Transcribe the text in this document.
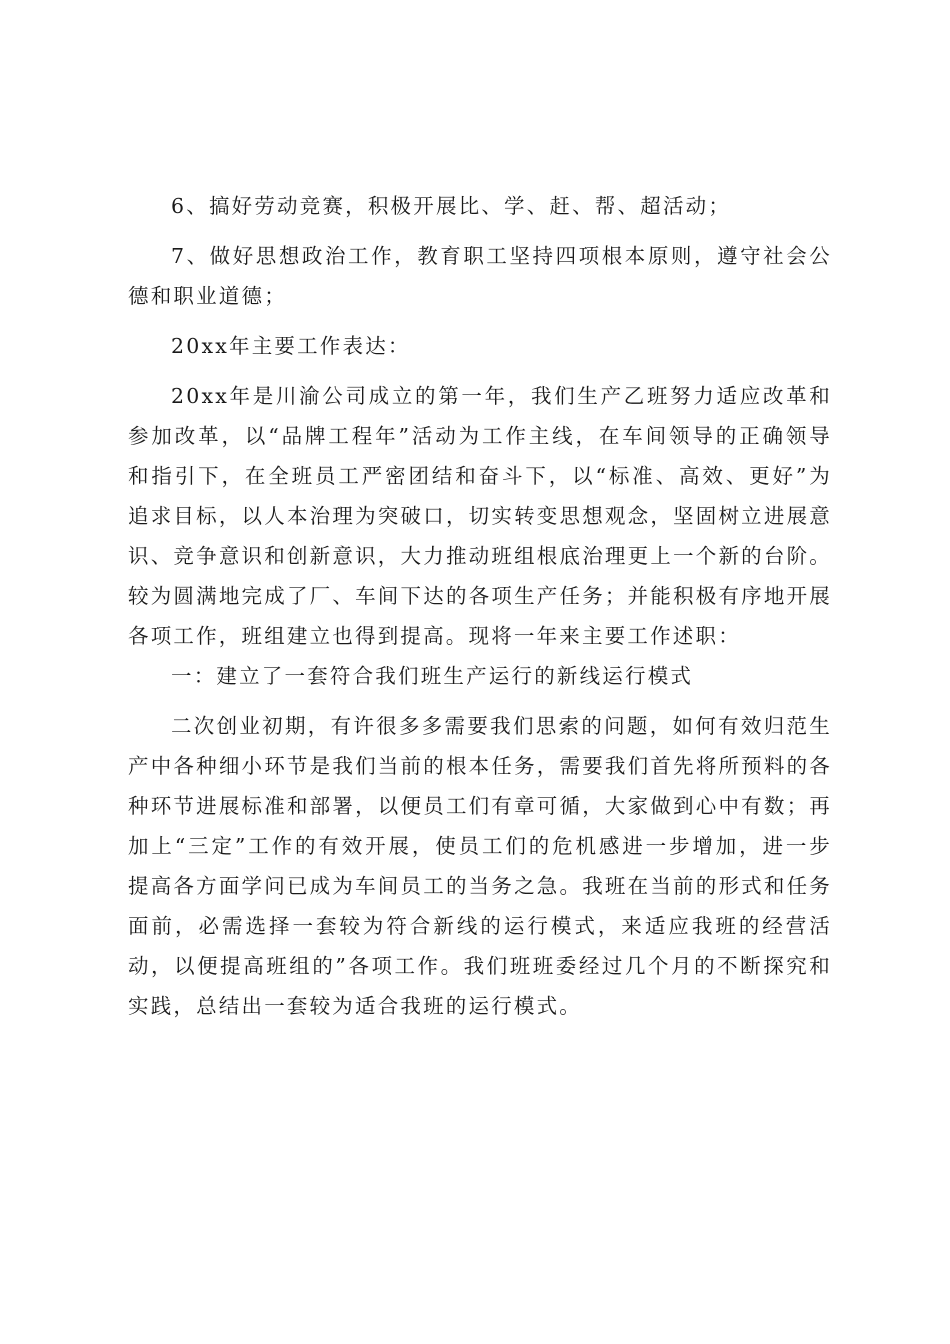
6、搞好劳动竞赛，积极开展比、学、赶、帮、超活动；

7、做好思想政治工作，教育职工坚持四项根本原则，遵守社会公德和职业道德；

20xx年主要工作表达：

20xx年是川渝公司成立的第一年，我们生产乙班努力适应改革和参加改革，以“品牌工程年”活动为工作主线，在车间领导的正确领导和指引下，在全班员工严密团结和奋斗下，以“标准、高效、更好”为追求目标，以人本治理为突破口，切实转变思想观念，坚固树立进展意识、竞争意识和创新意识，大力推动班组根底治理更上一个新的台阶。较为圆满地完成了厂、车间下达的各项生产任务；并能积极有序地开展各项工作，班组建立也得到提高。现将一年来主要工作述职：

一：建立了一套符合我们班生产运行的新线运行模式

二次创业初期，有许很多多需要我们思索的问题，如何有效归范生产中各种细小环节是我们当前的根本任务，需要我们首先将所预料的各种环节进展标准和部署，以便员工们有章可循，大家做到心中有数；再加上“三定”工作的有效开展，使员工们的危机感进一步增加，进一步提高各方面学问已成为车间员工的当务之急。我班在当前的形式和任务面前，必需选择一套较为符合新线的运行模式，来适应我班的经营活动，以便提高班组的”各项工作。我们班班委经过几个月的不断探究和实践，总结出一套较为适合我班的运行模式。
